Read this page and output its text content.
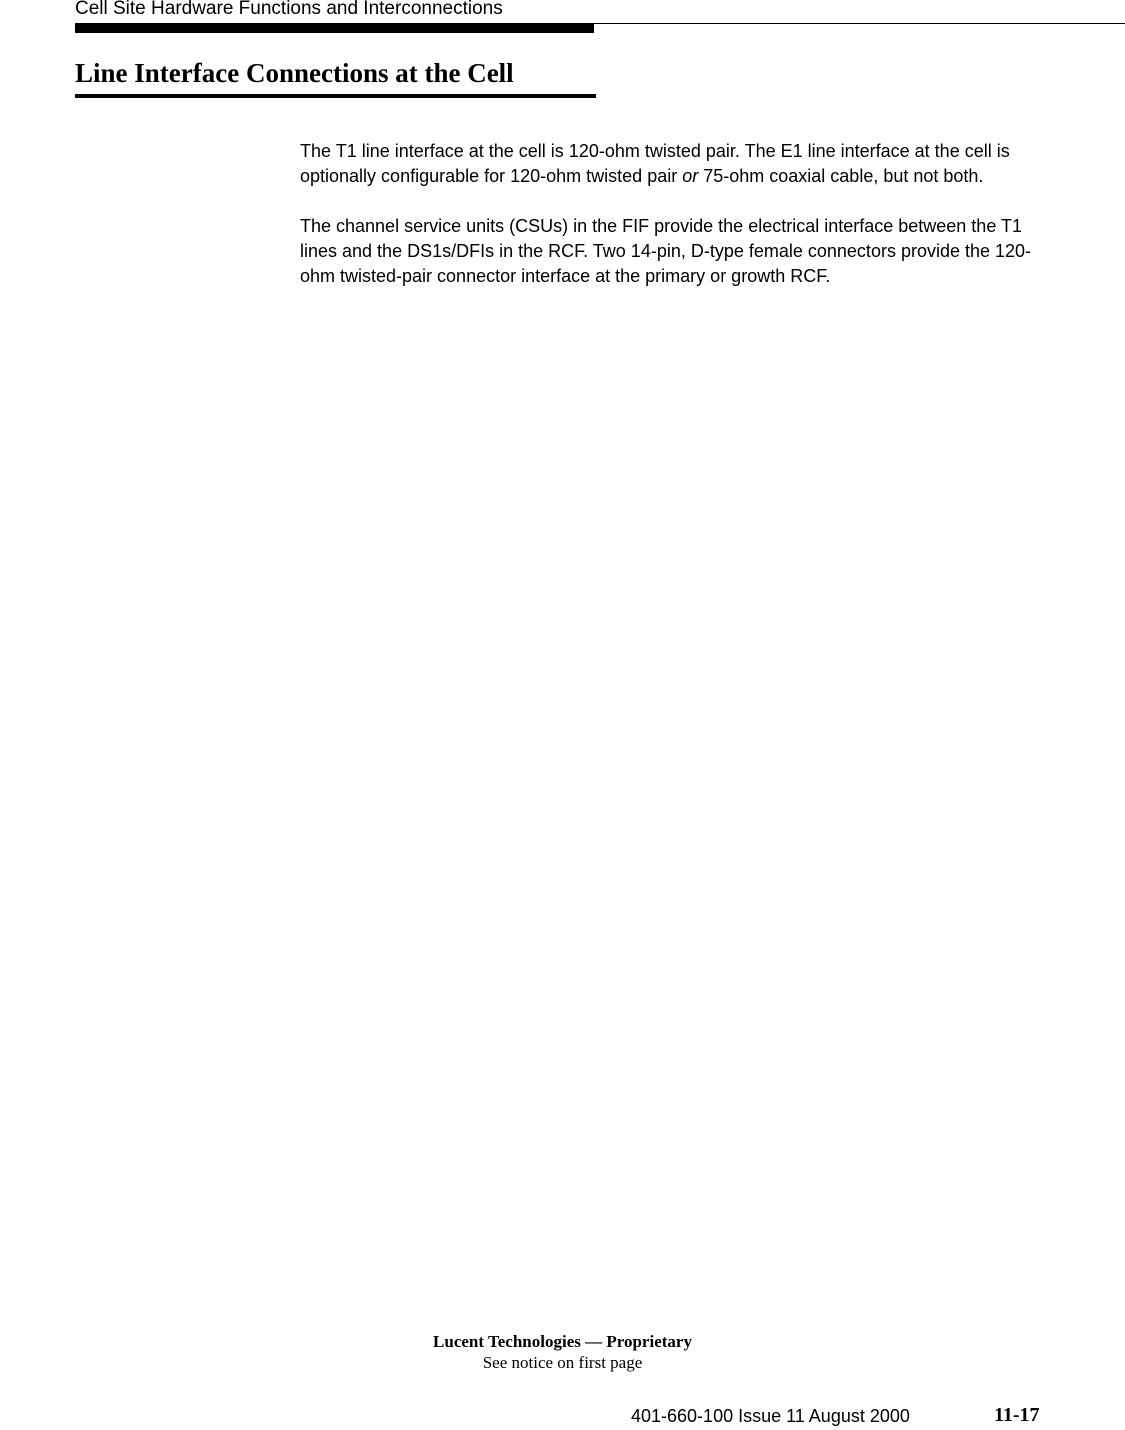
Cell Site Hardware Functions and Interconnections
Line Interface Connections at the Cell

The T1 line interface at the cell is 120-ohm twisted pair. The E1 line interface at the cell is optionally configurable for 120-ohm twisted pair or 75-ohm coaxial cable, but not both.

The channel service units (CSUs) in the FIF provide the electrical interface between the T1 lines and the DS1s/DFIs in the RCF. Two 14-pin, D-type female connectors provide the 120-ohm twisted-pair connector interface at the primary or growth RCF.

Lucent Technologies — Proprietary
See notice on first page
401-660-100 Issue 11 August 2000	11-17
